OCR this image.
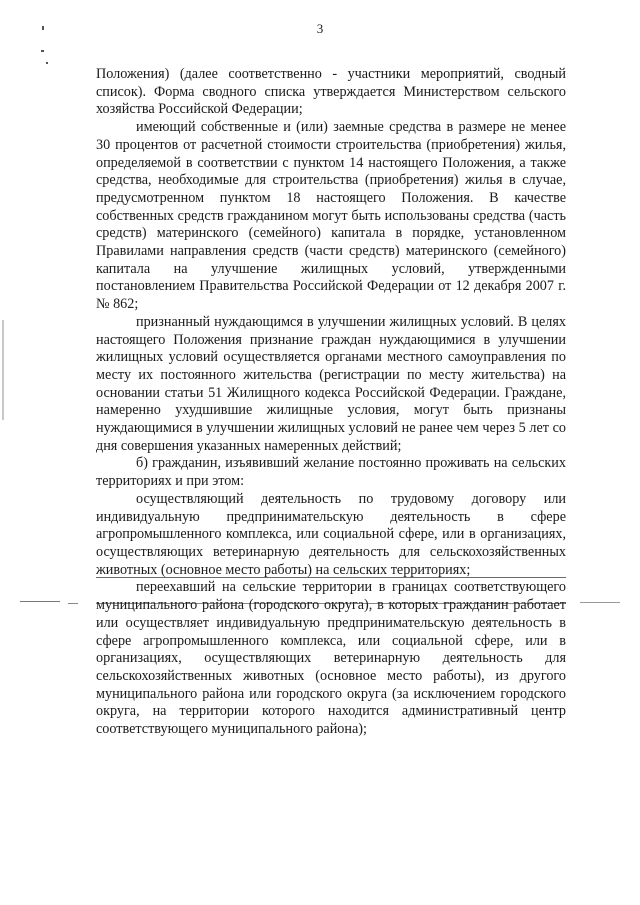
3

Положения) (далее соответственно - участники мероприятий, сводный список). Форма сводного списка утверждается Министерством сельского хозяйства Российской Федерации;

имеющий собственные и (или) заемные средства в размере не менее 30 процентов от расчетной стоимости строительства (приобретения) жилья, определяемой в соответствии с пунктом 14 настоящего Положения, а также средства, необходимые для строительства (приобретения) жилья в случае, предусмотренном пунктом 18 настоящего Положения. В качестве собственных средств гражданином могут быть использованы средства (часть средств) материнского (семейного) капитала в порядке, установленном Правилами направления средств (части средств) материнского (семейного) капитала на улучшение жилищных условий, утвержденными постановлением Правительства Российской Федерации от 12 декабря 2007 г. № 862;

признанный нуждающимся в улучшении жилищных условий. В целях настоящего Положения признание граждан нуждающимися в улучшении жилищных условий осуществляется органами местного самоуправления по месту их постоянного жительства (регистрации по месту жительства) на основании статьи 51 Жилищного кодекса Российской Федерации. Граждане, намеренно ухудшившие жилищные условия, могут быть признаны нуждающимися в улучшении жилищных условий не ранее чем через 5 лет со дня совершения указанных намеренных действий;

б) гражданин, изъявивший желание постоянно проживать на сельских территориях и при этом:

осуществляющий деятельность по трудовому договору или индивидуальную предпринимательскую деятельность в сфере агропромышленного комплекса, или социальной сфере, или в организациях, осуществляющих ветеринарную деятельность для сельскохозяйственных животных (основное место работы) на сельских территориях;

переехавший на сельские территории в границах соответствующего муниципального района (городского округа), в которых гражданин работает или осуществляет индивидуальную предпринимательскую деятельность в сфере агропромышленного комплекса, или социальной сфере, или в организациях, осуществляющих ветеринарную деятельность для сельскохозяйственных животных (основное место работы), из другого муниципального района или городского округа (за исключением городского округа, на территории которого находится административный центр соответствующего муниципального района);
